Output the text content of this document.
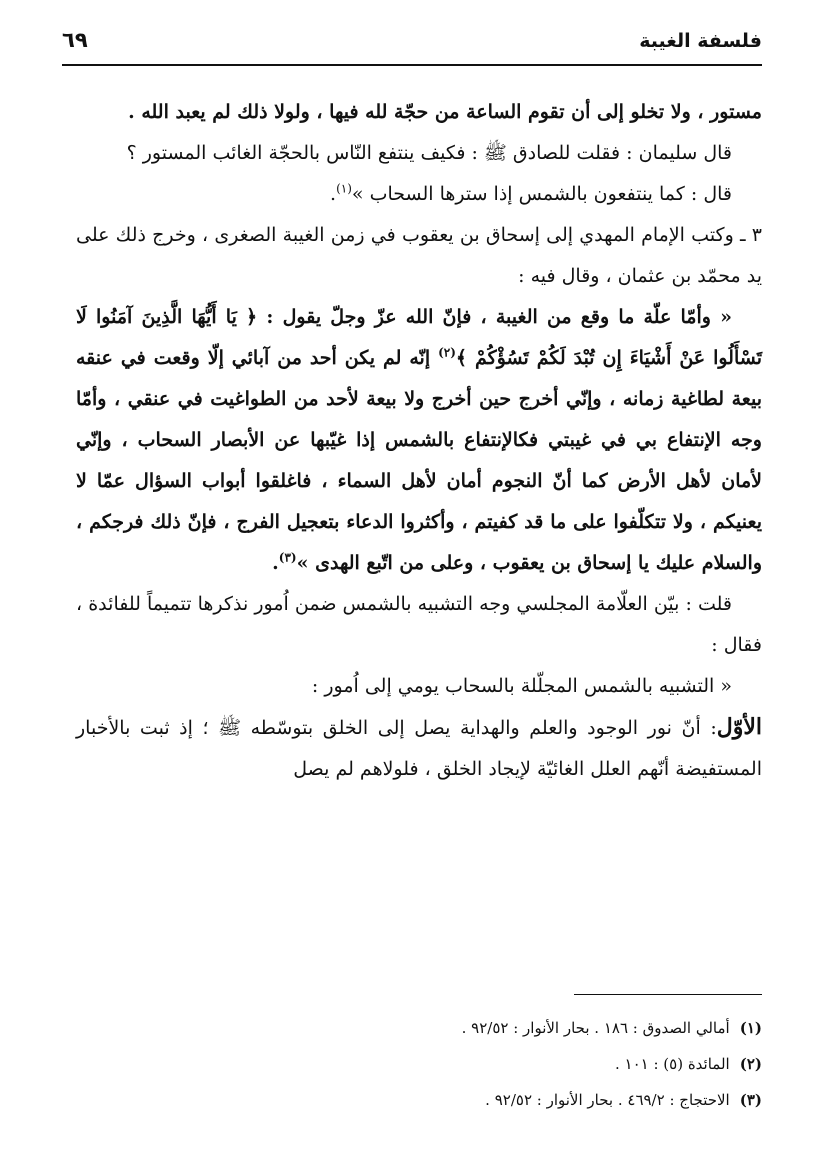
فلسفة الغيبة
٦٩

مستور ، ولا تخلو إلى أن تقوم الساعة من حجّة لله فيها ، ولولا ذلك لم يعبد الله .

قال سليمان : فقلت للصادق ﷺ : فكيف ينتفع النّاس بالحجّة الغائب المستور ؟

قال : كما ينتفعون بالشمس إذا سترها السحاب »$^{(١)}$.

٣ ـ وكتب الإمام المهدي إلى إسحاق بن يعقوب في زمن الغيبة الصغرى ، وخرج ذلك على يد محمّد بن عثمان ، وقال فيه :

« وأمّا علّة ما وقع من الغيبة ، فإنّ الله عزّ وجلّ يقول : ﴿ يَا أَيُّهَا الَّذِينَ آمَنُوا لَا تَسْأَلُوا عَنْ أَشْيَاءَ إِن تُبْدَ لَكُمْ تَسُؤْكُمْ ﴾$^{(٢)}$ إنّه لم يكن أحد من آبائي إلّا وقعت في عنقه بيعة لطاغية زمانه ، وإنّي أخرج حين أخرج ولا بيعة لأحد من الطواغيت في عنقي ، وأمّا وجه الإنتفاع بي في غيبتي فكالإنتفاع بالشمس إذا غيّبها عن الأبصار السحاب ، وإنّي لأمان لأهل الأرض كما أنّ النجوم أمان لأهل السماء ، فاغلقوا أبواب السؤال عمّا لا يعنيكم ، ولا تتكلّفوا على ما قد كفيتم ، وأكثروا الدعاء بتعجيل الفرج ، فإنّ ذلك فرجكم ، والسلام عليك يا إسحاق بن يعقوب ، وعلى من اتّبع الهدى »$^{(٣)}$.

قلت : بيّن العلّامة المجلسي وجه التشبيه بالشمس ضمن اُمور نذكرها تتميماً للفائدة ، فقال :

« التشبيه بالشمس المجلّلة بالسحاب يومي إلى اُمور :

الأوّل: أنّ نور الوجود والعلم والهداية يصل إلى الخلق بتوسّطه ﷺ ؛ إذ ثبت بالأخبار المستفيضة أنّهم العلل الغائيّة لإيجاد الخلق ، فلولاهم لم يصل

(١)أمالي الصدوق : ١٨٦ . بحار الأنوار : ٩٢/٥٢ .

(٢)المائدة (٥) : ١٠١ .

(٣)الاحتجاج : ٤٦٩/٢ . بحار الأنوار : ٩٢/٥٢ .
